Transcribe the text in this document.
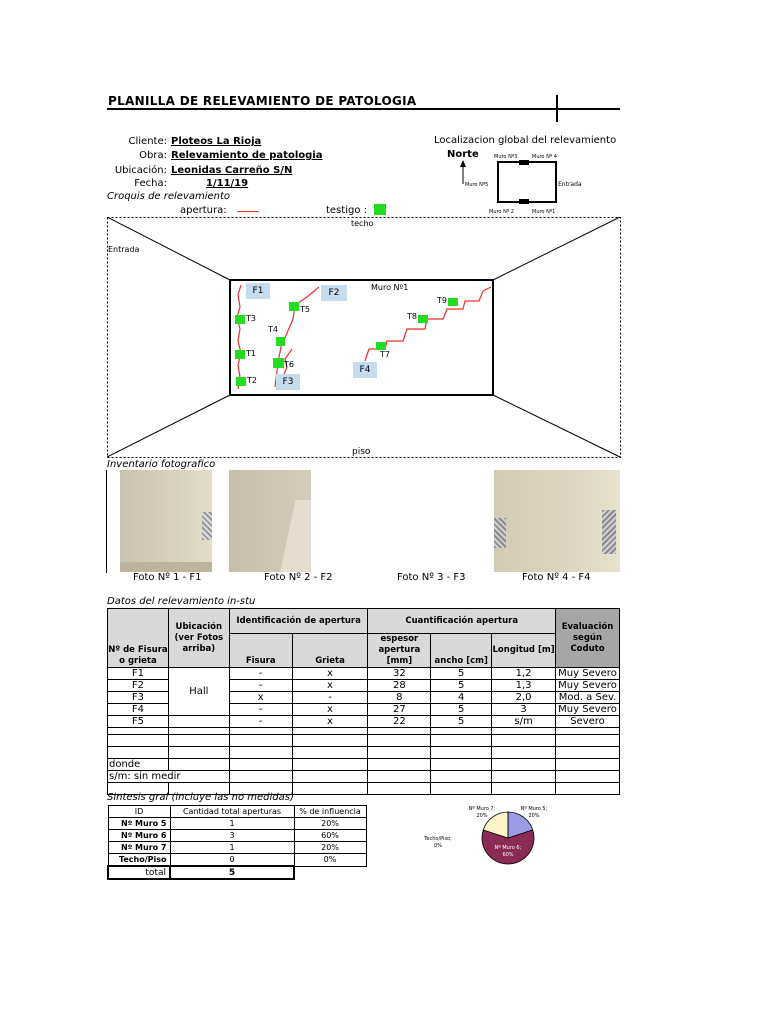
PLANILLA DE RELEVAMIENTO DE PATOLOGIA
Cliente: Ploteos La Rioja
Obra: Relevamiento de patologia
Ubicación: Leonidas Carreño S/N
Fecha:	1/11/19
Localizacion global del relevamiento
Norte	Muro Nº3	Muro Nº 4
Muro Nº5	Entrada
Muro Nº 2	Muro Nº1
Croquis de relevamiento
apertura:	testigo :
techo
piso
Entrada
Muro Nº1
F1	F2
F3
F4
T3
T1
T2
T4
T5
T6
T7
T8
T9
Inventario fotografico
Foto Nº 1 - F1	Foto Nº 2 - F2	Foto Nº 3 - F3	Foto Nº 4 - F4
Datos del relevamiento in-stu
Nº de Fisura o grieta	Ubicación (ver Fotos arriba)	Identificación de apertura		Cuantificación apertura			Evaluación según Coduto
		Fisura	Grieta	espesor apertura [mm]	ancho [cm]	Longitud [m]	
F1	Hall	-	x	32	5	1,2	Muy Severo
F2		-	x	28	5	1,3	Muy Severo
F3		x	-	8	4	2,0	Mod. a Sev.
F4		-	x	27	5	3	Muy Severo
F5		-	x	22	5	s/m	Severo

donde							
s/m: sin medir							

Sintesis gral (incluye las no medidas)
ID	Cantidad total aperturas	% de influencia
Nº Muro 5	1	20%
Nº Muro 6	3	60%
Nº Muro 7	1	20%
Techo/Piso	0	0%
total	5	
Nº Muro 7;
20%
Nº Muro 5;
20%
Techo/Piso;
0%	Nº Muro 6;
60%
